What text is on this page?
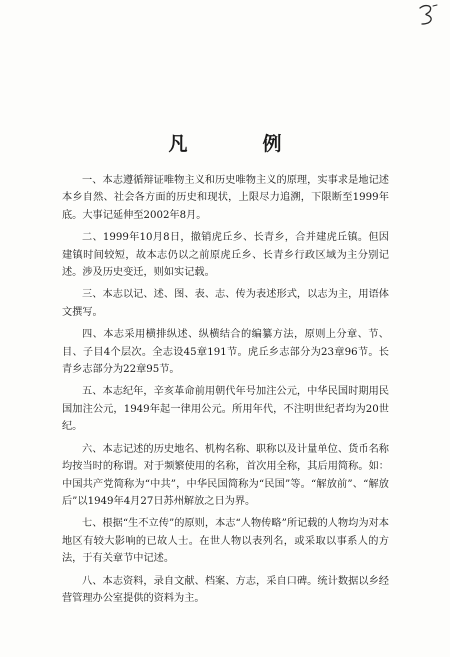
凡　例

一、本志遵循辩证唯物主义和历史唯物主义的原理，实事求是地记述本乡自然、社会各方面的历史和现状，上限尽力追溯，下限断至1999年底。大事记延伸至2002年8月。

二、1999年10月8日，撤销虎丘乡、长青乡，合并建虎丘镇。但因建镇时间较短，故本志仍以之前原虎丘乡、长青乡行政区域为主分别记述。涉及历史变迁，则如实记载。

三、本志以记、述、图、表、志、传为表述形式，以志为主，用语体文撰写。

四、本志采用横排纵述、纵横结合的编纂方法，原则上分章、节、目、子目4个层次。全志设45章191节。虎丘乡志部分为23章96节。长青乡志部分为22章95节。

五、本志纪年，辛亥革命前用朝代年号加注公元，中华民国时期用民国加注公元，1949年起一律用公元。所用年代，不注明世纪者均为20世纪。

六、本志记述的历史地名、机构名称、职称以及计量单位、货币名称均按当时的称谓。对于频繁使用的名称，首次用全称，其后用简称。如：中国共产党简称为“中共”，中华民国简称为“民国”等。“解放前”、“解放后”以1949年4月27日苏州解放之日为界。

七、根据“生不立传”的原则，本志“人物传略”所记载的人物均为对本地区有较大影响的已故人士。在世人物以表列名，或采取以事系人的方法，于有关章节中记述。

八、本志资料，录自文献、档案、方志，采自口碑。统计数据以乡经营管理办公室提供的资料为主。
